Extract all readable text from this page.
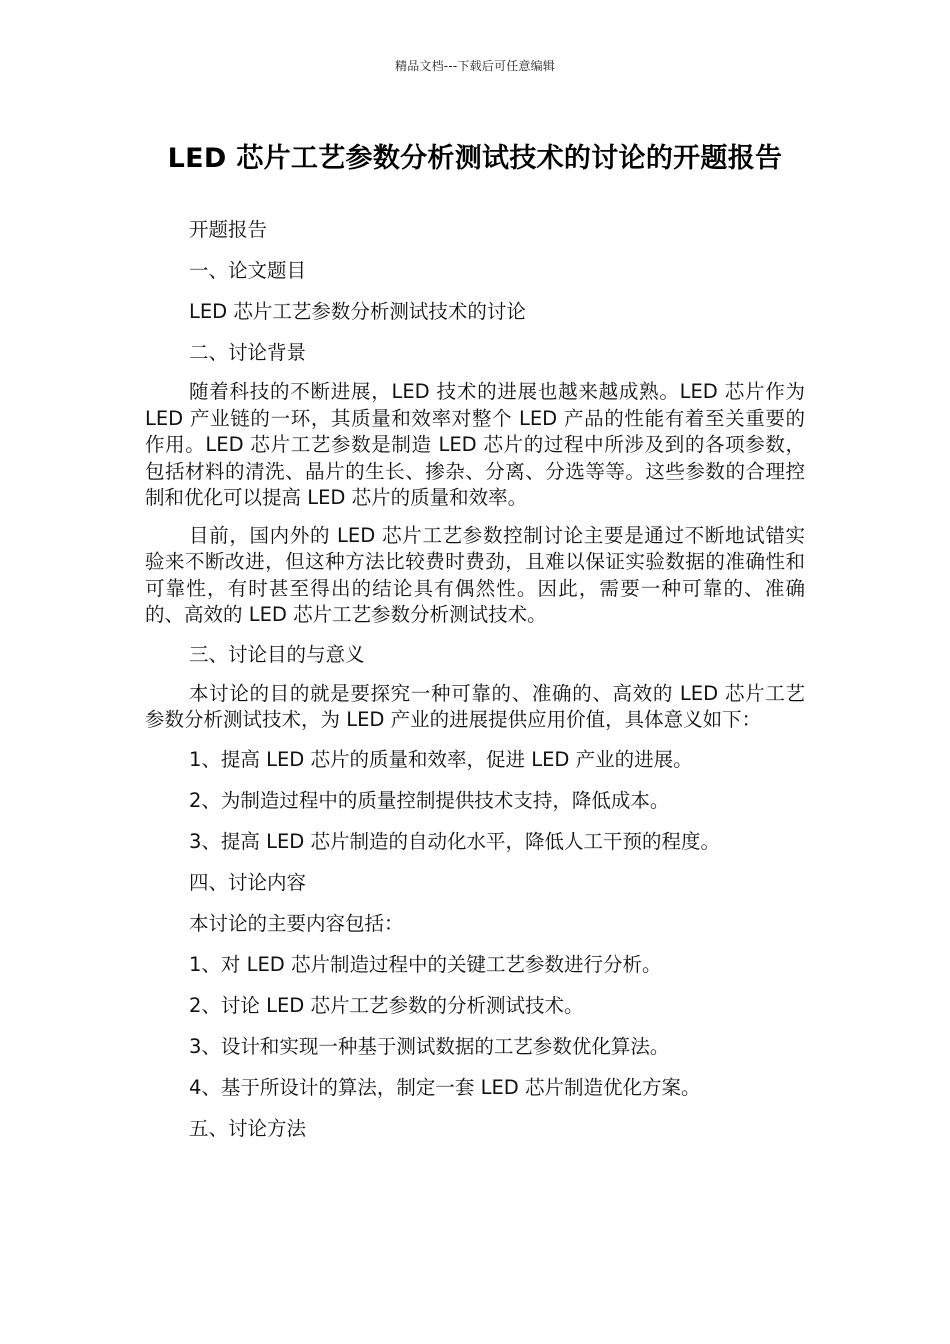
精品文档---下载后可任意编辑
LED 芯片工艺参数分析测试技术的讨论的开题报告

开题报告

一、论文题目

LED 芯片工艺参数分析测试技术的讨论

二、讨论背景

随着科技的不断进展，LED 技术的进展也越来越成熟。LED 芯片作为 LED 产业链的一环，其质量和效率对整个 LED 产品的性能有着至关重要的作用。LED 芯片工艺参数是制造 LED 芯片的过程中所涉及到的各项参数，包括材料的清洗、晶片的生长、掺杂、分离、分选等等。这些参数的合理控制和优化可以提高 LED 芯片的质量和效率。

目前，国内外的 LED 芯片工艺参数控制讨论主要是通过不断地试错实验来不断改进，但这种方法比较费时费劲，且难以保证实验数据的准确性和可靠性，有时甚至得出的结论具有偶然性。因此，需要一种可靠的、准确的、高效的 LED 芯片工艺参数分析测试技术。

三、讨论目的与意义

本讨论的目的就是要探究一种可靠的、准确的、高效的 LED 芯片工艺参数分析测试技术，为 LED 产业的进展提供应用价值，具体意义如下：

1、提高 LED 芯片的质量和效率，促进 LED 产业的进展。

2、为制造过程中的质量控制提供技术支持，降低成本。

3、提高 LED 芯片制造的自动化水平，降低人工干预的程度。

四、讨论内容

本讨论的主要内容包括：

1、对 LED 芯片制造过程中的关键工艺参数进行分析。

2、讨论 LED 芯片工艺参数的分析测试技术。

3、设计和实现一种基于测试数据的工艺参数优化算法。

4、基于所设计的算法，制定一套 LED 芯片制造优化方案。

五、讨论方法
